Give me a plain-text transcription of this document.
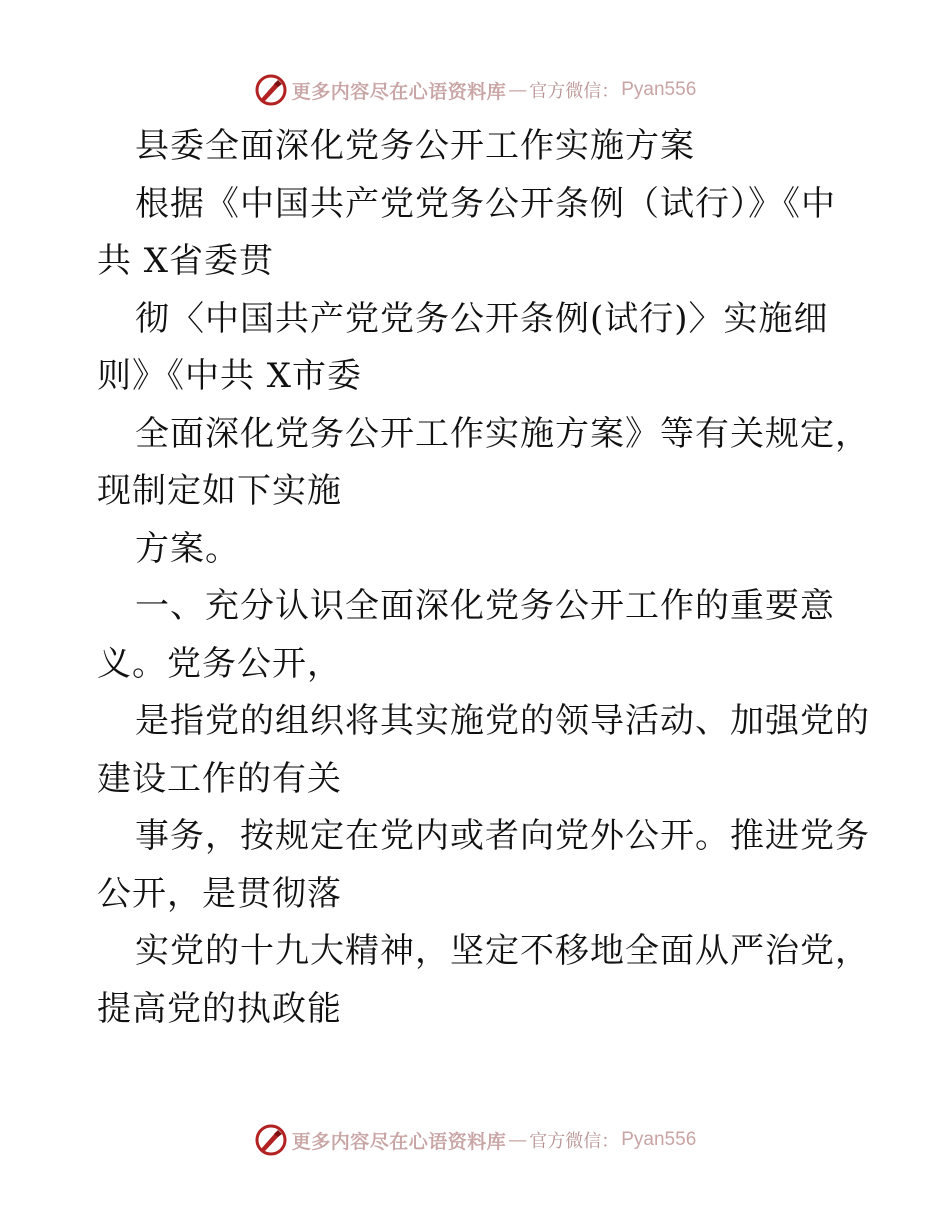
更多内容尽在心语资料库 — 官方微信： Pyan556
县委全面深化党务公开工作实施方案
根据《中国共产党党务公开条例（试行）》《中
共 X省委贯
彻〈中国共产党党务公开条例(试行)〉实施细
则》《中共 X市委
全面深化党务公开工作实施方案》等有关规定，
现制定如下实施
方案。
一、充分认识全面深化党务公开工作的重要意
义。党务公开，
是指党的组织将其实施党的领导活动、加强党的
建设工作的有关
事务，按规定在党内或者向党外公开。推进党务
公开，是贯彻落
实党的十九大精神，坚定不移地全面从严治党，
提高党的执政能
更多内容尽在心语资料库 — 官方微信： Pyan556
